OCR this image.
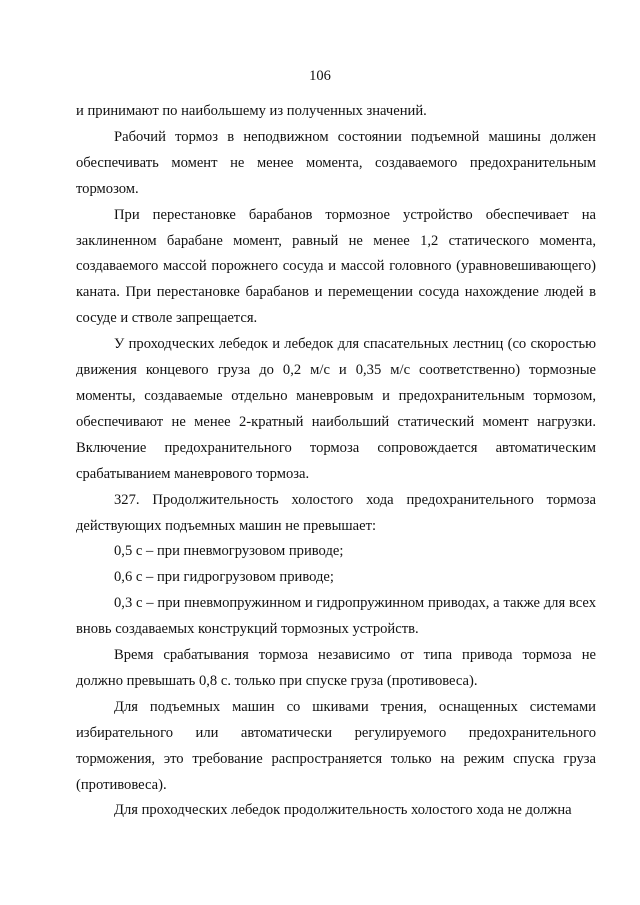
106

и принимают по наибольшему из полученных значений.

Рабочий тормоз в неподвижном состоянии подъемной машины должен обеспечивать момент не менее момента, создаваемого предохранительным тормозом.

При перестановке барабанов тормозное устройство обеспечивает на заклиненном барабане момент, равный не менее 1,2 статического момента, создаваемого массой порожнего сосуда и массой головного (уравновешивающего) каната. При перестановке барабанов и перемещении сосуда нахождение людей в сосуде и стволе запрещается.

У проходческих лебедок и лебедок для спасательных лестниц (со скоростью движения концевого груза до 0,2 м/с и 0,35 м/с соответственно) тормозные моменты, создаваемые отдельно маневровым и предохранительным тормозом, обеспечивают не менее 2-кратный наибольший статический момент нагрузки. Включение предохранительного тормоза сопровождается автоматическим срабатыванием маневрового тормоза.

327. Продолжительность холостого хода предохранительного тормоза действующих подъемных машин не превышает:

0,5 с – при пневмогрузовом приводе;

0,6 с – при гидрогрузовом приводе;

0,3 с – при пневмопружинном и гидропружинном приводах, а также для всех вновь создаваемых конструкций тормозных устройств.

Время срабатывания тормоза независимо от типа привода тормоза не должно превышать 0,8 с. только при спуске груза (противовеса).

Для подъемных машин со шкивами трения, оснащенных системами избирательного или автоматически регулируемого предохранительного торможения, это требование распространяется только на режим спуска груза (противовеса).

Для проходческих лебедок продолжительность холостого хода не должна
